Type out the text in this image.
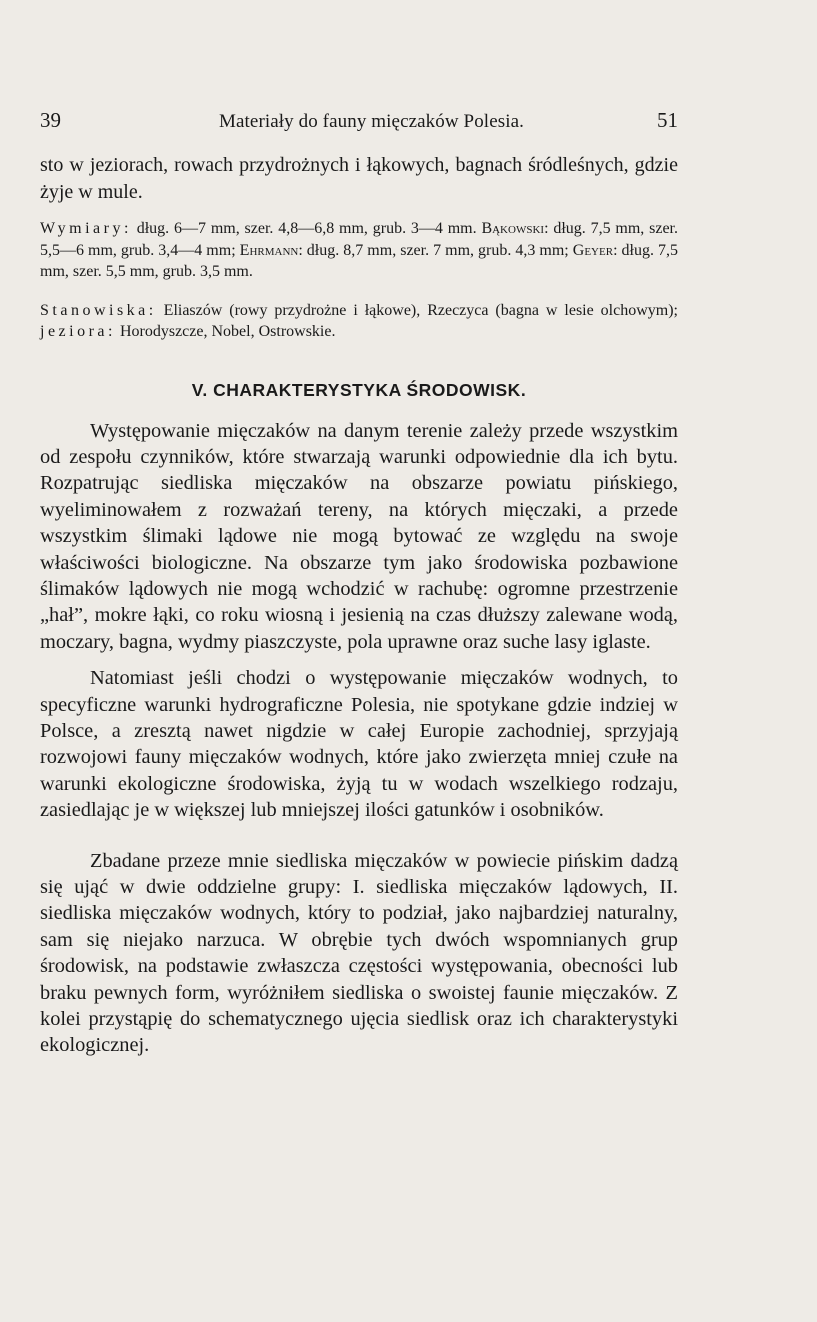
39	Materiały do fauny mięczaków Polesia.	51

sto w jeziorach, rowach przydrożnych i łąkowych, bagnach śródleśnych, gdzie żyje w mule.

Wymiary: dług. 6—7 mm, szer. 4,8—6,8 mm, grub. 3—4 mm. Bąkowski: dług. 7,5 mm, szer. 5,5—6 mm, grub. 3,4—4 mm; Ehrmann: dług. 8,7 mm, szer. 7 mm, grub. 4,3 mm; Geyer: dług. 7,5 mm, szer. 5,5 mm, grub. 3,5 mm.

Stanowiska: Eliaszów (rowy przydrożne i łąkowe), Rzeczyca (bagna w lesie olchowym); jeziora: Horodyszcze, Nobel, Ostrowskie.

V. CHARAKTERYSTYKA ŚRODOWISK.

Występowanie mięczaków na danym terenie zależy przede wszystkim od zespołu czynników, które stwarzają warunki odpowiednie dla ich bytu. Rozpatrując siedliska mięczaków na obszarze powiatu pińskiego, wyeliminowałem z rozważań tereny, na których mięczaki, a przede wszystkim ślimaki lądowe nie mogą bytować ze względu na swoje właściwości biologiczne. Na obszarze tym jako środowiska pozbawione ślimaków lądowych nie mogą wchodzić w rachubę: ogromne przestrzenie „hał”, mokre łąki, co roku wiosną i jesienią na czas dłuższy zalewane wodą, moczary, bagna, wydmy piaszczyste, pola uprawne oraz suche lasy iglaste.

Natomiast jeśli chodzi o występowanie mięczaków wodnych, to specyficzne warunki hydrograficzne Polesia, nie spotykane gdzie indziej w Polsce, a zresztą nawet nigdzie w całej Europie zachodniej, sprzyjają rozwojowi fauny mięczaków wodnych, które jako zwierzęta mniej czułe na warunki ekologiczne środowiska, żyją tu w wodach wszelkiego rodzaju, zasiedlając je w większej lub mniejszej ilości gatunków i osobników.

Zbadane przeze mnie siedliska mięczaków w powiecie pińskim dadzą się ująć w dwie oddzielne grupy: I. siedliska mięczaków lądowych, II. siedliska mięczaków wodnych, który to podział, jako najbardziej naturalny, sam się niejako narzuca. W obrębie tych dwóch wspomnianych grup środowisk, na podstawie zwłaszcza częstości występowania, obecności lub braku pewnych form, wyróżniłem siedliska o swoistej faunie mięczaków. Z kolei przystąpię do schematycznego ujęcia siedlisk oraz ich charakterystyki ekologicznej.
